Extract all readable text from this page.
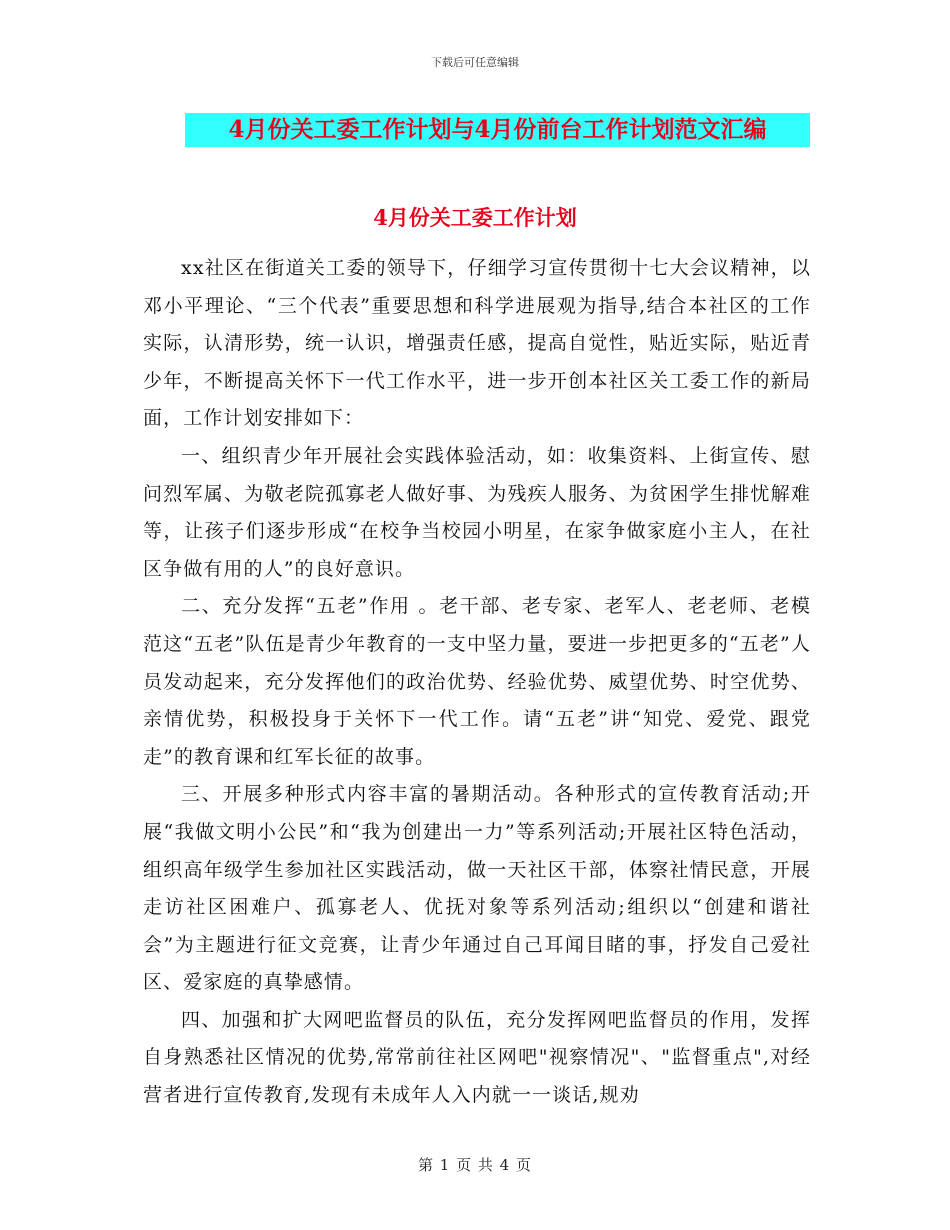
下载后可任意编辑
4月份关工委工作计划与4月份前台工作计划范文汇编
4月份关工委工作计划

xx社区在街道关工委的领导下，仔细学习宣传贯彻十七大会议精神，以邓小平理论、“三个代表”重要思想和科学进展观为指导,结合本社区的工作实际，认清形势，统一认识，增强责任感，提高自觉性，贴近实际，贴近青少年，不断提高关怀下一代工作水平，进一步开创本社区关工委工作的新局面，工作计划安排如下：

一、组织青少年开展社会实践体验活动，如：收集资料、上街宣传、慰问烈军属、为敬老院孤寡老人做好事、为残疾人服务、为贫困学生排忧解难等，让孩子们逐步形成“在校争当校园小明星，在家争做家庭小主人，在社区争做有用的人”的良好意识。

二、充分发挥“五老”作用 。老干部、老专家、老军人、老老师、老模范这“五老”队伍是青少年教育的一支中坚力量，要进一步把更多的“五老”人员发动起来，充分发挥他们的政治优势、经验优势、威望优势、时空优势、亲情优势，积极投身于关怀下一代工作。请“五老”讲“知党、爱党、跟党走”的教育课和红军长征的故事。

三、开展多种形式内容丰富的暑期活动。各种形式的宣传教育活动;开展“我做文明小公民”和“我为创建出一力”等系列活动;开展社区特色活动，组织高年级学生参加社区实践活动，做一天社区干部，体察社情民意，开展走访社区困难户、孤寡老人、优抚对象等系列活动;组织以“创建和谐社会”为主题进行征文竞赛，让青少年通过自己耳闻目睹的事，抒发自己爱社区、爱家庭的真挚感情。

四、加强和扩大网吧监督员的队伍，充分发挥网吧监督员的作用，发挥自身熟悉社区情况的优势,常常前往社区网吧"视察情况"、"监督重点",对经营者进行宣传教育,发现有未成年人入内就一一谈话,规劝

第 1 页 共 4 页
